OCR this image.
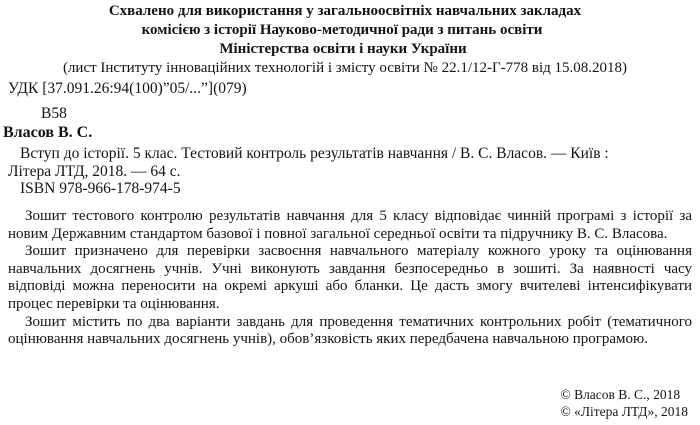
Схвалено для використання у загальноосвітніх навчальних закладах
комісією з історії Науково-методичної ради з питань освіти
Міністерства освіти і науки України
(лист Інституту інноваційних технологій і змісту освіти № 22.1/12-Г-778 від 15.08.2018)
УДК [37.091.26:94(100)”05/...”](079)
В58
Власов В. С.
Вступ до історії. 5 клас. Тестовий контроль результатів навчання / В. С. Власов. — Київ :
Літера ЛТД, 2018. — 64 с.
ISBN 978-966-178-974-5

Зошит тестового контролю результатів навчання для 5 класу відповідає чинній програмі з історії за новим Державним стандартом базової і повної загальної середньої освіти та підручнику В. С. Власова.

Зошит призначено для перевірки засвоєння навчального матеріалу кожного уроку та оцінювання навчальних досягнень учнів. Учні виконують завдання безпосередньо в зошиті. За наявності часу відповіді можна переносити на окремі аркуші або бланки. Це дасть змогу вчителеві інтенсифікувати процес перевірки та оцінювання.

Зошит містить по два варіанти завдань для проведення тематичних контрольних робіт (тематичного оцінювання навчальних досягнень учнів), обов’язковість яких передбачена навчальною програмою.

© Власов В. С., 2018
© «Літера ЛТД», 2018
